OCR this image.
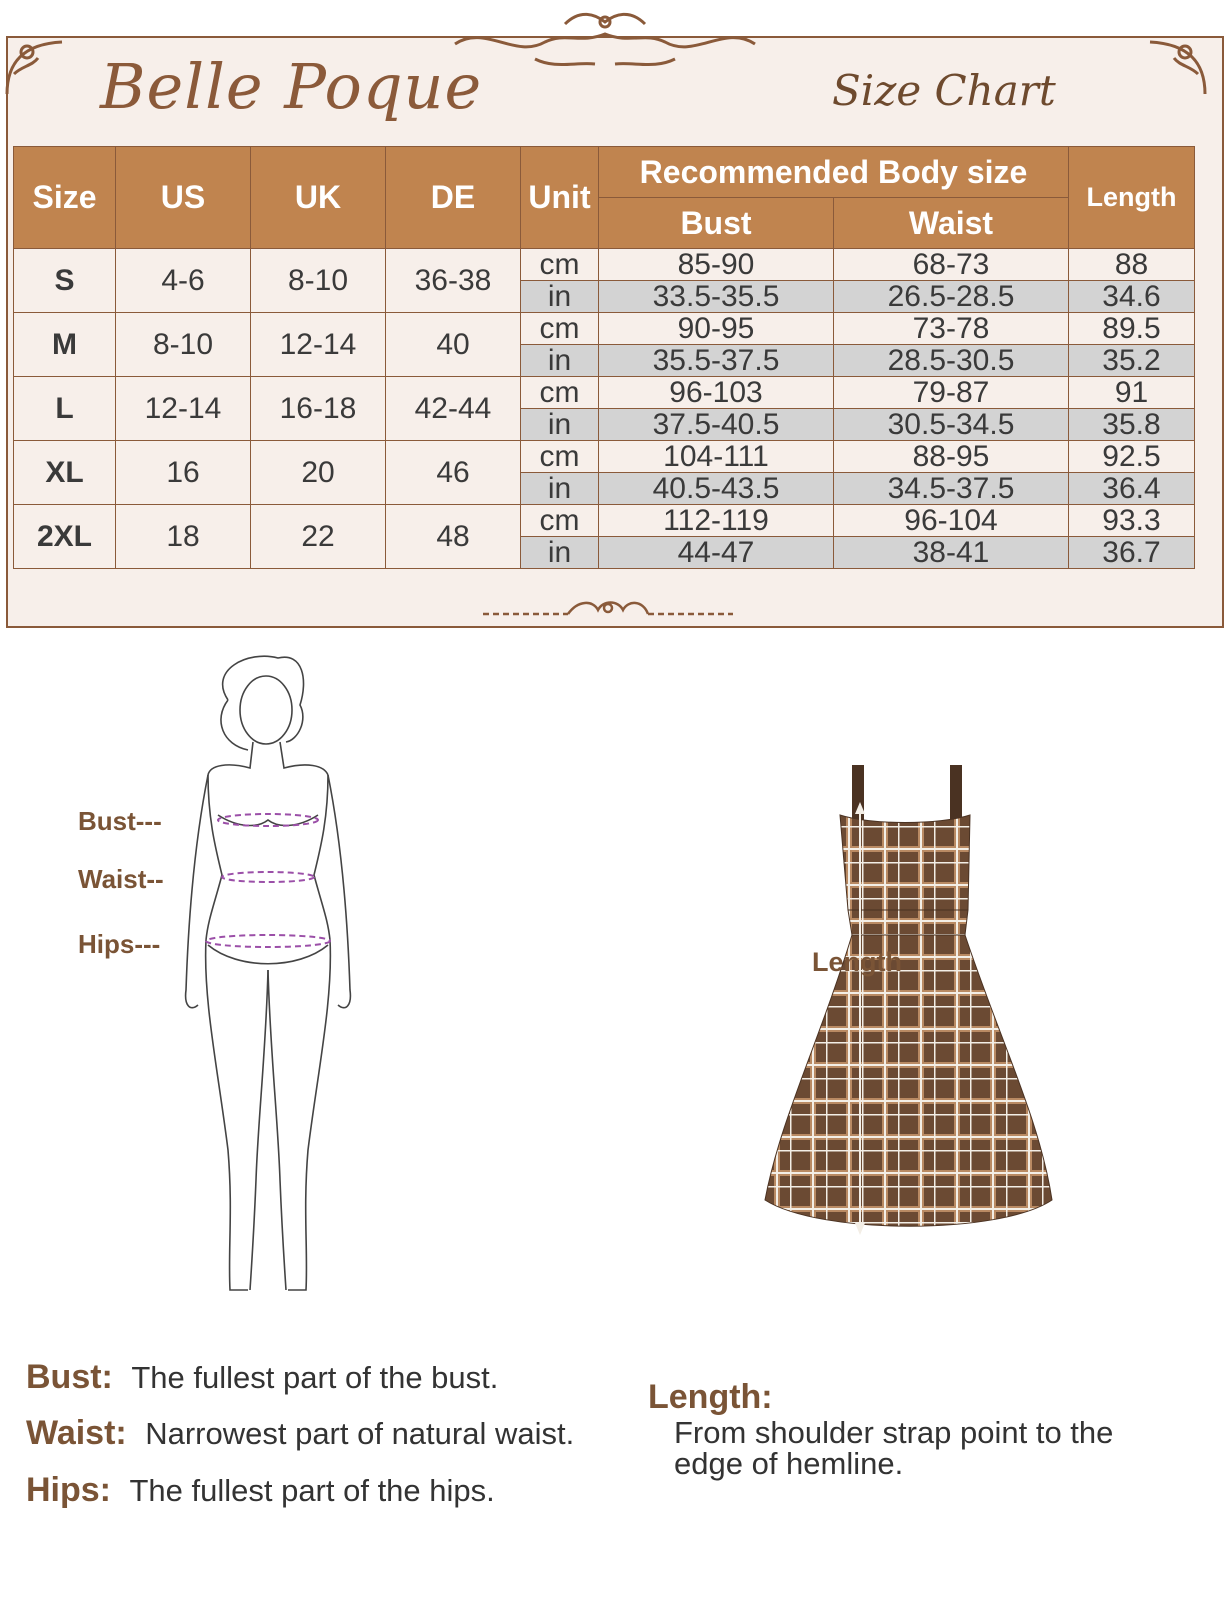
Belle Poque	Size Chart
Size	US	UK	DE	Unit	Recommended Body size		Length
					Bust	Waist	
S	4-6	8-10	36-38	cm	85-90	68-73	88
				in	33.5-35.5	26.5-28.5	34.6
M	8-10	12-14	40	cm	90-95	73-78	89.5
				in	35.5-37.5	28.5-30.5	35.2
L	12-14	16-18	42-44	cm	96-103	79-87	91
				in	37.5-40.5	30.5-34.5	35.8
XL	16	20	46	cm	104-111	88-95	92.5
				in	40.5-43.5	34.5-37.5	36.4
2XL	18	22	48	cm	112-119	96-104	93.3
				in	44-47	38-41	36.7
Bust---
Waist--
Hips---
Length
Bust: The fullest part of the bust.
Waist: Narrowest part of natural waist.
Hips: The fullest part of the hips.
Length:
From shoulder strap point to the
edge of hemline.
